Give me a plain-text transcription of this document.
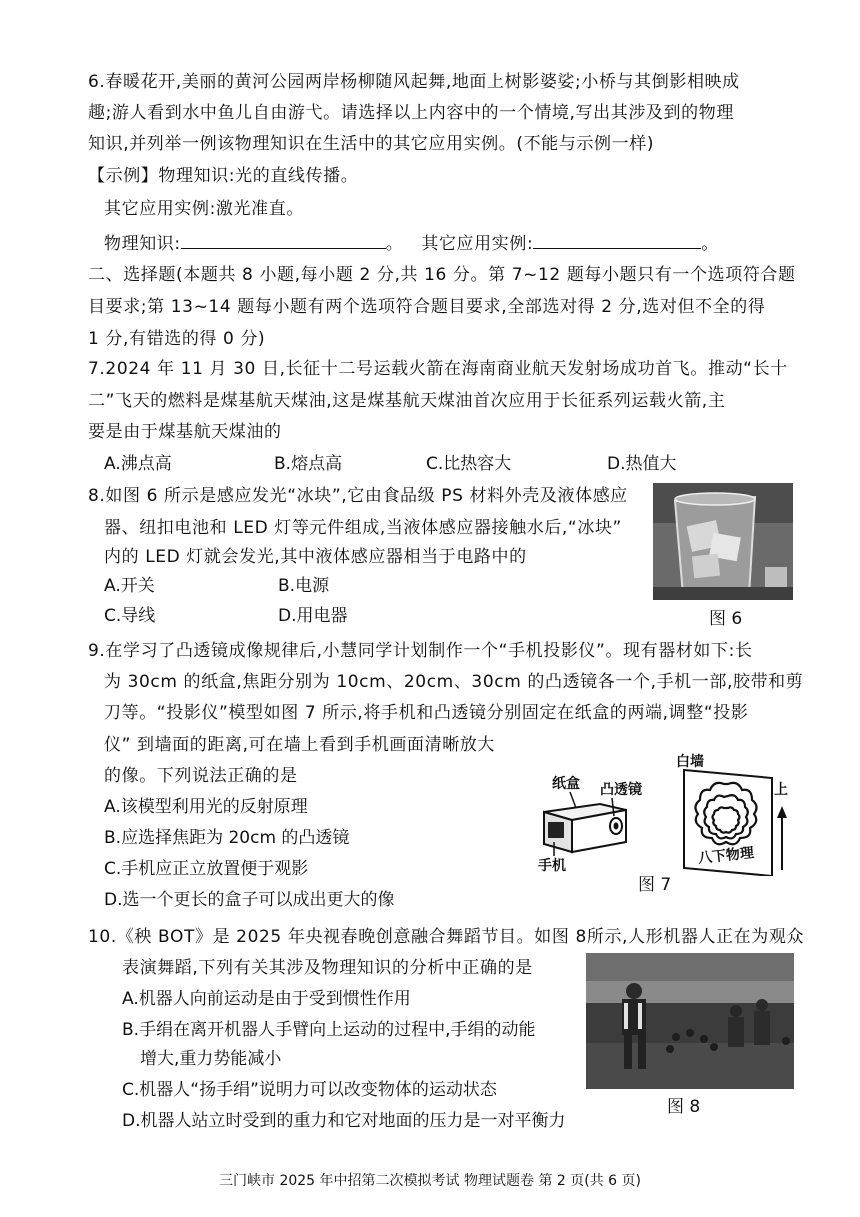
6.春暖花开,美丽的黄河公园两岸杨柳随风起舞,地面上树影婆娑;小桥与其倒影相映成
趣;游人看到水中鱼儿自由游弋。请选择以上内容中的一个情境,写出其涉及到的物理
知识,并列举一例该物理知识在生活中的其它应用实例。(不能与示例一样)
【示例】物理知识:光的直线传播。
其它应用实例:激光准直。
物理知识:	。 其它应用实例:	。
二、选择题(本题共 8 小题,每小题 2 分,共 16 分。第 7~12 题每小题只有一个选项符合题
目要求;第 13~14 题每小题有两个选项符合题目要求,全部选对得 2 分,选对但不全的得
1 分,有错选的得 0 分)
7.2024 年 11 月 30 日,长征十二号运载火箭在海南商业航天发射场成功首飞。推动“长十
二”飞天的燃料是煤基航天煤油,这是煤基航天煤油首次应用于长征系列运载火箭,主
要是由于煤基航天煤油的
A.沸点高	B.熔点高	C.比热容大	D.热值大
8.如图 6 所示是感应发光“冰块”,它由食品级 PS 材料外壳及液体感应
器、纽扣电池和 LED 灯等元件组成,当液体感应器接触水后,“冰块”
内的 LED 灯就会发光,其中液体感应器相当于电路中的
A.开关	B.电源
C.导线	D.用电器	图 6
9.在学习了凸透镜成像规律后,小慧同学计划制作一个“手机投影仪”。现有器材如下:长
为 30cm 的纸盒,焦距分别为 10cm、20cm、30cm 的凸透镜各一个,手机一部,胶带和剪
刀等。“投影仪”模型如图 7 所示,将手机和凸透镜分别固定在纸盒的两端,调整“投影
仪” 到墙面的距离,可在墙上看到手机画面清晰放大
的像。下列说法正确的是
A.该模型利用光的反射原理
B.应选择焦距为 20cm 的凸透镜
C.手机应正立放置便于观影
D.选一个更长的盒子可以成出更大的像
纸盒 凸透镜
手机
白墙
上
八下物理
图 7
10.《秧 BOT》是 2025 年央视春晚创意融合舞蹈节目。如图 8所示,人形机器人正在为观众
表演舞蹈,下列有关其涉及物理知识的分析中正确的是
A.机器人向前运动是由于受到惯性作用
B.手绢在离开机器人手臂向上运动的过程中,手绢的动能
增大,重力势能减小
C.机器人“扬手绢”说明力可以改变物体的运动状态
D.机器人站立时受到的重力和它对地面的压力是一对平衡力
图 8
三门峡市 2025 年中招第二次模拟考试 物理试题卷 第 2 页(共 6 页)
